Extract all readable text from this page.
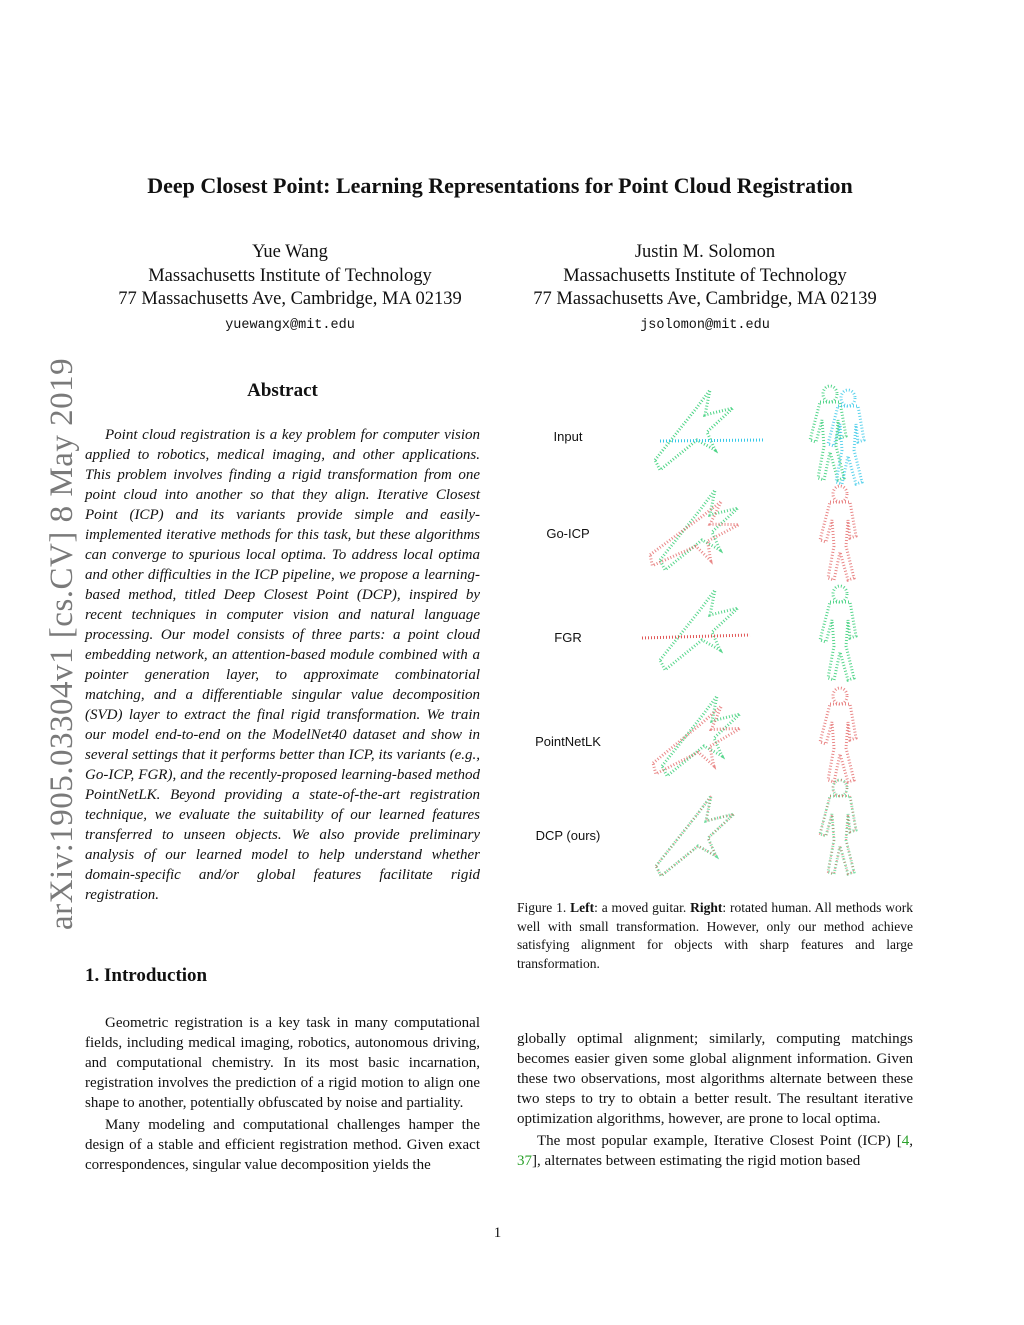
arXiv:1905.03304v1 [cs.CV] 8 May 2019
Deep Closest Point: Learning Representations for Point Cloud Registration
Yue Wang
Massachusetts Institute of Technology
77 Massachusetts Ave, Cambridge, MA 02139
yuewangx@mit.edu
Justin M. Solomon
Massachusetts Institute of Technology
77 Massachusetts Ave, Cambridge, MA 02139
jsolomon@mit.edu
Abstract
Point cloud registration is a key problem for computer vision applied to robotics, medical imaging, and other applications. This problem involves finding a rigid transformation from one point cloud into another so that they align. Iterative Closest Point (ICP) and its variants provide simple and easily-implemented iterative methods for this task, but these algorithms can converge to spurious local optima. To address local optima and other difficulties in the ICP pipeline, we propose a learning-based method, titled Deep Closest Point (DCP), inspired by recent techniques in computer vision and natural language processing. Our model consists of three parts: a point cloud embedding network, an attention-based module combined with a pointer generation layer, to approximate combinatorial matching, and a differentiable singular value decomposition (SVD) layer to extract the final rigid transformation. We train our model end-to-end on the ModelNet40 dataset and show in several settings that it performs better than ICP, its variants (e.g., Go-ICP, FGR), and the recently-proposed learning-based method PointNetLK. Beyond providing a state-of-the-art registration technique, we evaluate the suitability of our learned features transferred to unseen objects. We also provide preliminary analysis of our learned model to help understand whether domain-specific and/or global features facilitate rigid registration.
Input
Go-ICP
FGR
PointNetLK
DCP (ours)
Figure 1. Left: a moved guitar. Right: rotated human. All methods work well with small transformation. However, only our method achieve satisfying alignment for objects with sharp features and large transformation.
1. Introduction

Geometric registration is a key task in many computational fields, including medical imaging, robotics, autonomous driving, and computational chemistry. In its most basic incarnation, registration involves the prediction of a rigid motion to align one shape to another, potentially obfuscated by noise and partiality.

Many modeling and computational challenges hamper the design of a stable and efficient registration method. Given exact correspondences, singular value decomposition yields the

globally optimal alignment; similarly, computing matchings becomes easier given some global alignment information. Given these two observations, most algorithms alternate between these two steps to try to obtain a better result. The resultant iterative optimization algorithms, however, are prone to local optima.

The most popular example, Iterative Closest Point (ICP) [4, 37], alternates between estimating the rigid motion based

1
